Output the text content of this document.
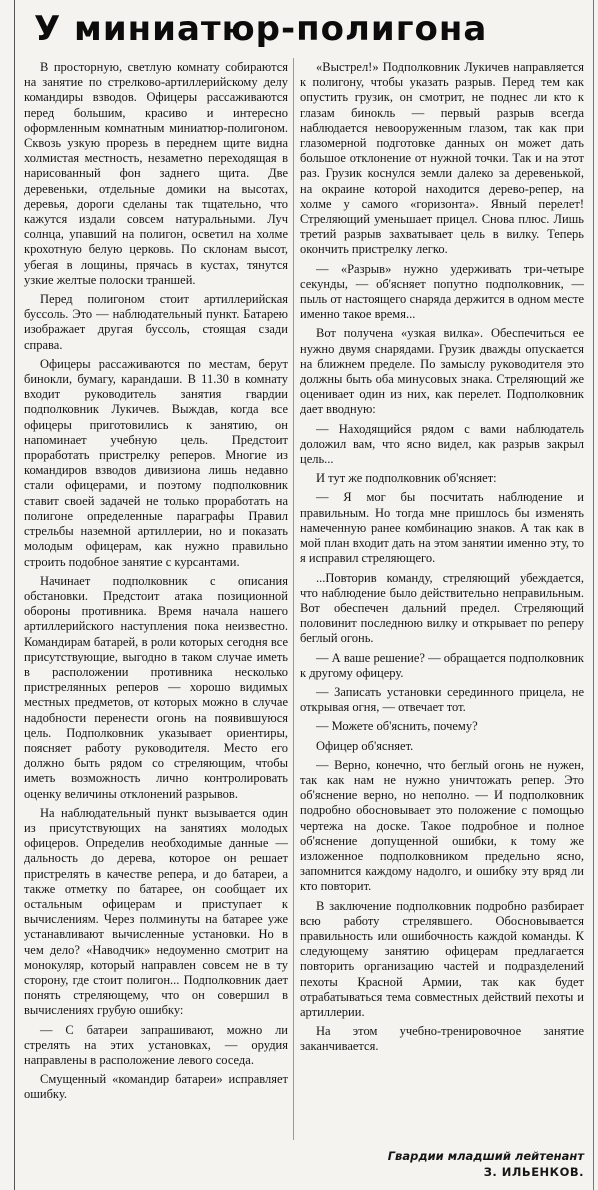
У миниатюр-полигона

В просторную, светлую комнату собираются на занятие по стрелково-артиллерийскому делу командиры взводов. Офицеры рассаживаются перед большим, красиво и интересно оформленным комнатным миниатюр-полигоном. Сквозь узкую прорезь в переднем щите видна холмистая местность, незаметно переходящая в нарисованный фон заднего щита. Две деревеньки, отдельные домики на высотах, деревья, дороги сделаны так тщательно, что кажутся издали совсем натуральными. Луч солнца, упавший на полигон, осветил на холме крохотную белую церковь. По склонам высот, убегая в лощины, прячась в кустах, тянутся узкие желтые полоски траншей.

Перед полигоном стоит артиллерийская буссоль. Это — наблюдательный пункт. Батарею изображает другая буссоль, стоящая сзади справа.

Офицеры рассаживаются по местам, берут бинокли, бумагу, карандаши. В 11.30 в комнату входит руководитель занятия гвардии подполковник Лукичев. Выждав, когда все офицеры приготовились к занятию, он напоминает учебную цель. Предстоит проработать пристрелку реперов. Многие из командиров взводов дивизиона лишь недавно стали офицерами, и поэтому подполковник ставит своей задачей не только проработать на полигоне определенные параграфы Правил стрельбы наземной артиллерии, но и показать молодым офицерам, как нужно правильно строить подобное занятие с курсантами.

Начинает подполковник с описания обстановки. Предстоит атака позиционной обороны противника. Время начала нашего артиллерийского наступления пока неизвестно. Командирам батарей, в роли которых сегодня все присутствующие, выгодно в таком случае иметь в расположении противника несколько пристрелянных реперов — хорошо видимых местных предметов, от которых можно в случае надобности перенести огонь на появившуюся цель. Подполковник указывает ориентиры, поясняет работу руководителя. Место его должно быть рядом со стреляющим, чтобы иметь возможность лично контролировать оценку величины отклонений разрывов.

На наблюдательный пункт вызывается один из присутствующих на занятиях молодых офицеров. Определив необходимые данные — дальность до дерева, которое он решает пристрелять в качестве репера, и до батареи, а также отметку по батарее, он сообщает их остальным офицерам и приступает к вычислениям. Через полминуты на батарее уже устанавливают вычисленные установки. Но в чем дело? «Наводчик» недоуменно смотрит на монокуляр, который направлен совсем не в ту сторону, где стоит полигон... Подполковник дает понять стреляющему, что он совершил в вычислениях грубую ошибку:

— С батареи запрашивают, можно ли стрелять на этих установках, — орудия направлены в расположение левого соседа.

Смущенный «командир батареи» исправляет ошибку.

«Выстрел!» Подполковник Лукичев направляется к полигону, чтобы указать разрыв. Перед тем как опустить грузик, он смотрит, не поднес ли кто к глазам бинокль — первый разрыв всегда наблюдается невооруженным глазом, так как при глазомерной подготовке данных он может дать большое отклонение от нужной точки. Так и на этот раз. Грузик коснулся земли далеко за деревенькой, на окраине которой находится дерево-репер, на холме у самого «горизонта». Явный перелет! Стреляющий уменьшает прицел. Снова плюс. Лишь третий разрыв захватывает цель в вилку. Теперь окончить пристрелку легко.

— «Разрыв» нужно удерживать три-четыре секунды, — об'ясняет попутно подполковник, — пыль от настоящего снаряда держится в одном месте именно такое время...

Вот получена «узкая вилка». Обеспечиться ее нужно двумя снарядами. Грузик дважды опускается на ближнем пределе. По замыслу руководителя это должны быть оба минусовых знака. Стреляющий же оценивает один из них, как перелет. Подполковник дает вводную:

— Находящийся рядом с вами наблюдатель доложил вам, что ясно видел, как разрыв закрыл цель...

И тут же подполковник об'ясняет:

— Я мог бы посчитать наблюдение и правильным. Но тогда мне пришлось бы изменять намеченную ранее комбинацию знаков. А так как в мой план входит дать на этом занятии именно эту, то я исправил стреляющего.

...Повторив команду, стреляющий убеждается, что наблюдение было действительно неправильным. Вот обеспечен дальний предел. Стреляющий половинит последнюю вилку и открывает по реперу беглый огонь.

— А ваше решение? — обращается подполковник к другому офицеру.

— Записать установки серединного прицела, не открывая огня, — отвечает тот.

— Можете об'яснить, почему?

Офицер об'ясняет.

— Верно, конечно, что беглый огонь не нужен, так как нам не нужно уничтожать репер. Это об'яснение верно, но неполно. — И подполковник подробно обосновывает это положение с помощью чертежа на доске. Такое подробное и полное об'яснение допущенной ошибки, к тому же изложенное подполковником предельно ясно, запомнится каждому надолго, и ошибку эту вряд ли кто повторит.

В заключение подполковник подробно разбирает всю работу стрелявшего. Обосновывается правильность или ошибочность каждой команды. К следующему занятию офицерам предлагается повторить организацию частей и подразделений пехоты Красной Армии, так как будет отрабатываться тема совместных действий пехоты и артиллерии.

На этом учебно-тренировочное занятие заканчивается.

Гвардии младший лейтенант
З. ИЛЬЕНКОВ.
